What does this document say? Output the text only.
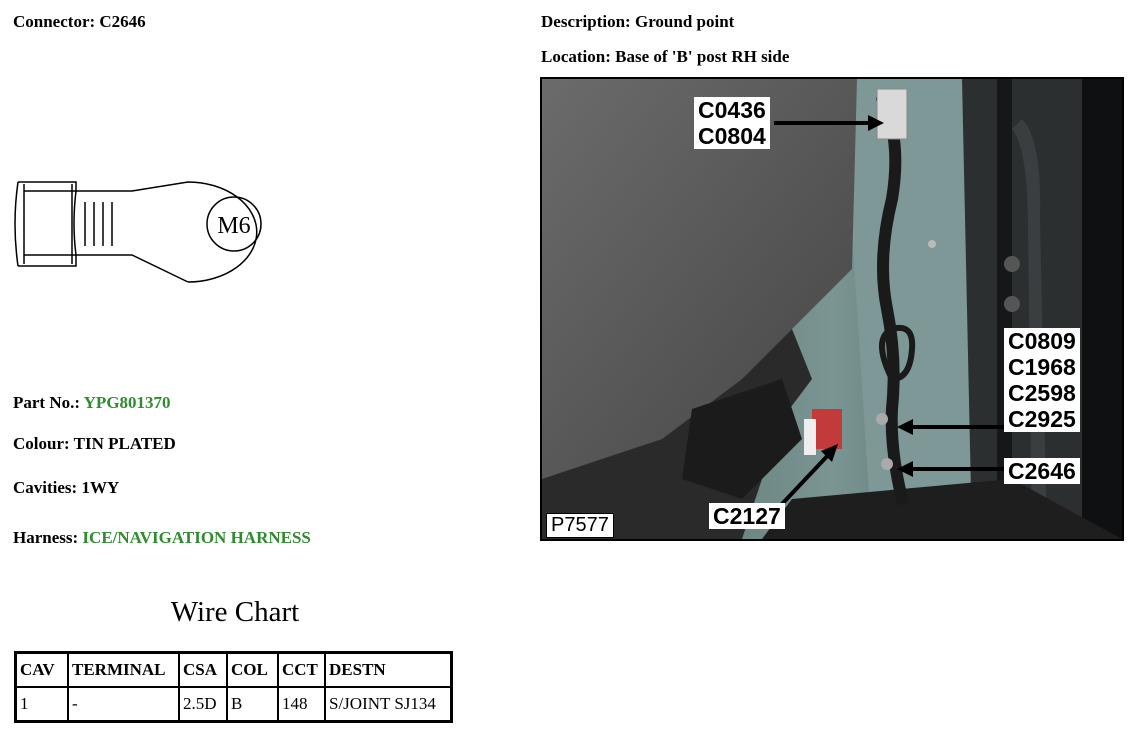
Connector: C2646
M6
Part No.: YPG801370
Colour: TIN PLATED
Cavities: 1WY
Harness: ICE/NAVIGATION HARNESS
Description: Ground point
Location: Base of 'B' post RH side
C0436
C0804
C0809
C1968
C2598
C2925
C2646
C2127
P7577
Wire Chart
CAV	TERMINAL	CSA	COL	CCT	DESTN
1	-	2.5D	B	148	S/JOINT SJ134
